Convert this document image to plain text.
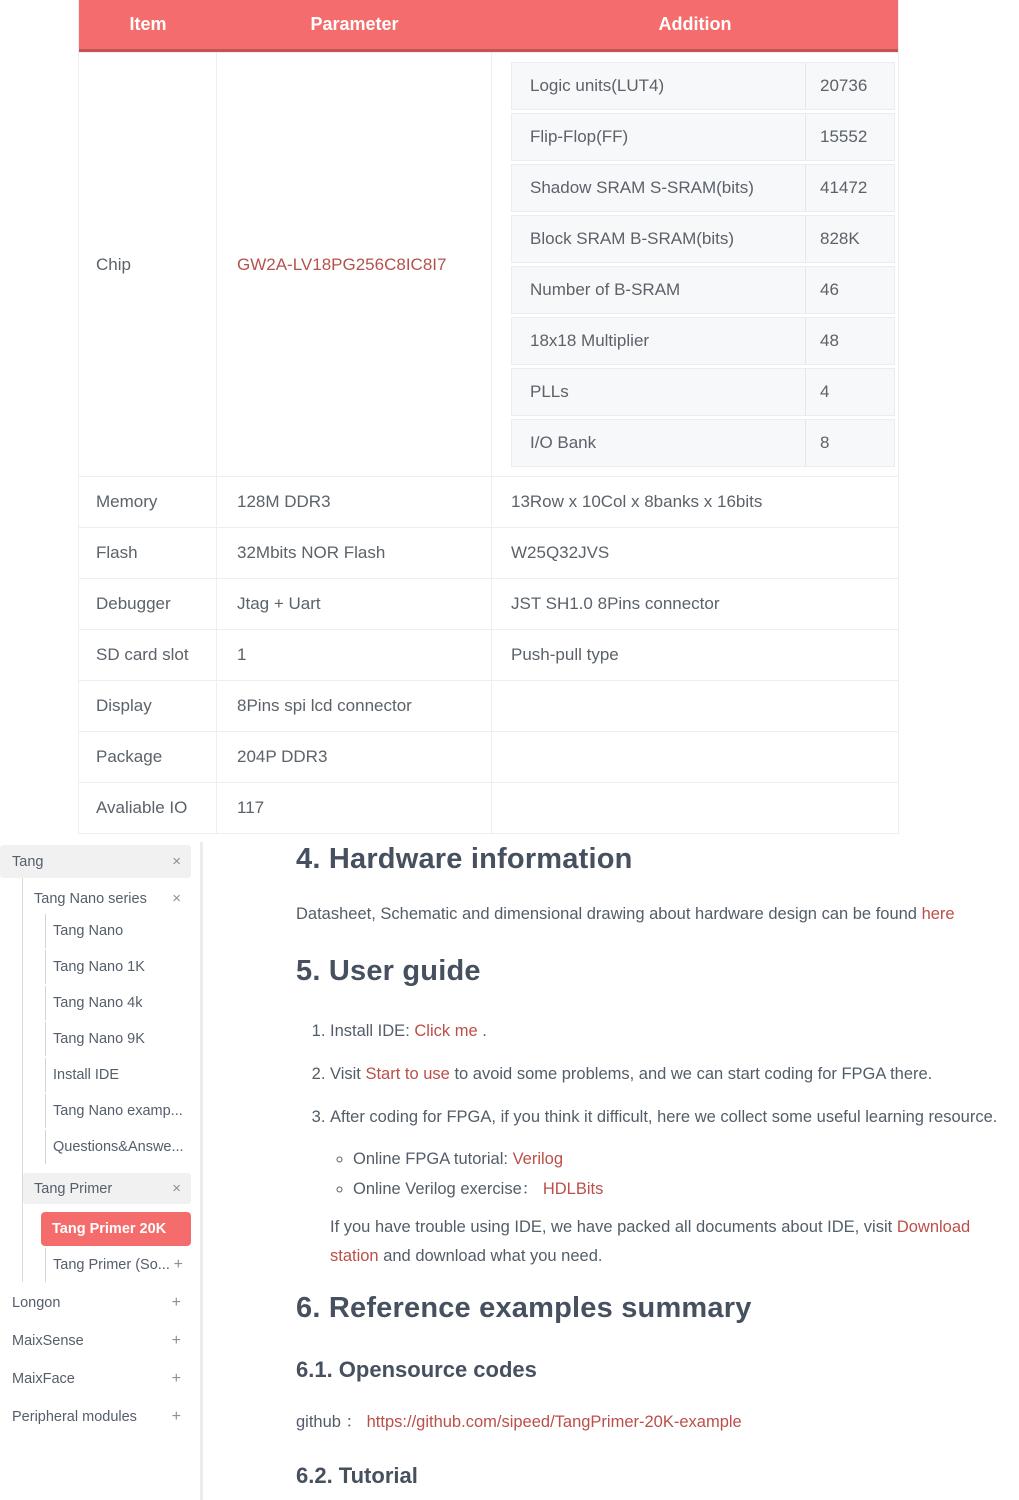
Item	Parameter	Addition
Chip	GW2A-LV18PG256C8IC8I7
Logic units(LUT4)	20736
Flip-Flop(FF)	15552
Shadow SRAM S-SRAM(bits)	41472
Block SRAM B-SRAM(bits)	828K
Number of B-SRAM	46
18x18 Multiplier	48
PLLs	4
I/O Bank	8
Memory	128M DDR3	13Row x 10Col x 8banks x 16bits
Flash	32Mbits NOR Flash	W25Q32JVS
Debugger	Jtag + Uart	JST SH1.0 8Pins connector
SD card slot	1	Push-pull type
Display	8Pins spi lcd connector
Package	204P DDR3
Avaliable IO	117
Tang	×
Tang Nano series ×
Tang Nano
Tang Nano 1K
Tang Nano 4k
Tang Nano 9K
Install IDE
Tang Nano examp...
Questions&Answe...
Tang Primer	×
Tang Primer 20K
Tang Primer (So... +
Longon	+
MaixSense	+
MaixFace	+
Peripheral modules +
4. Hardware information

Datasheet, Schematic and dimensional drawing about hardware design can be found here

5. User guide
1. Install IDE: Click me .
2. Visit Start to use to avoid some problems, and we can start coding for FPGA there.
3. After coding for FPGA, if you think it difficult, here we collect some useful learning resource.
◦ Online FPGA tutorial: Verilog
◦ Online Verilog exercise： HDLBits

If you have trouble using IDE, we have packed all documents about IDE, visit Download station and download what you need.

6. Reference examples summary
6.1. Opensource codes

github ： https://github.com/sipeed/TangPrimer-20K-example

6.2. Tutorial
